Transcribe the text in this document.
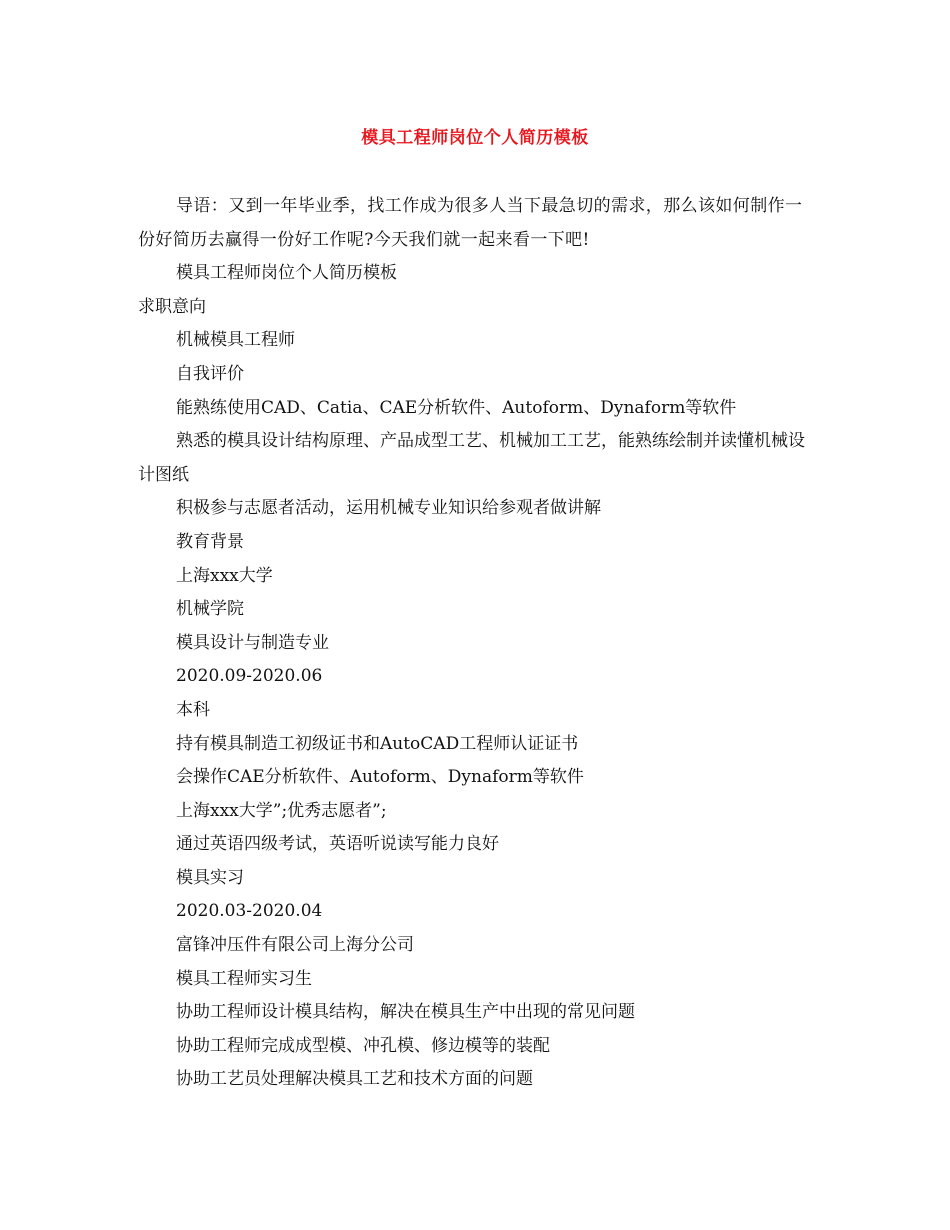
模具工程师岗位个人简历模板

导语：又到一年毕业季，找工作成为很多人当下最急切的需求，那么该如何制作一份好简历去赢得一份好工作呢?今天我们就一起来看一下吧!

模具工程师岗位个人简历模板

求职意向

机械模具工程师

自我评价

能熟练使用CAD、Catia、CAE分析软件、Autoform、Dynaform等软件

熟悉的模具设计结构原理、产品成型工艺、机械加工工艺，能熟练绘制并读懂机械设计图纸

积极参与志愿者活动，运用机械专业知识给参观者做讲解

教育背景

上海xxx大学

机械学院

模具设计与制造专业

2020.09-2020.06

本科

持有模具制造工初级证书和AutoCAD工程师认证证书

会操作CAE分析软件、Autoform、Dynaform等软件

上海xxx大学”;优秀志愿者”;

通过英语四级考试，英语听说读写能力良好

模具实习

2020.03-2020.04

富锋冲压件有限公司上海分公司

模具工程师实习生

协助工程师设计模具结构，解决在模具生产中出现的常见问题

协助工程师完成成型模、冲孔模、修边模等的装配

协助工艺员处理解决模具工艺和技术方面的问题
